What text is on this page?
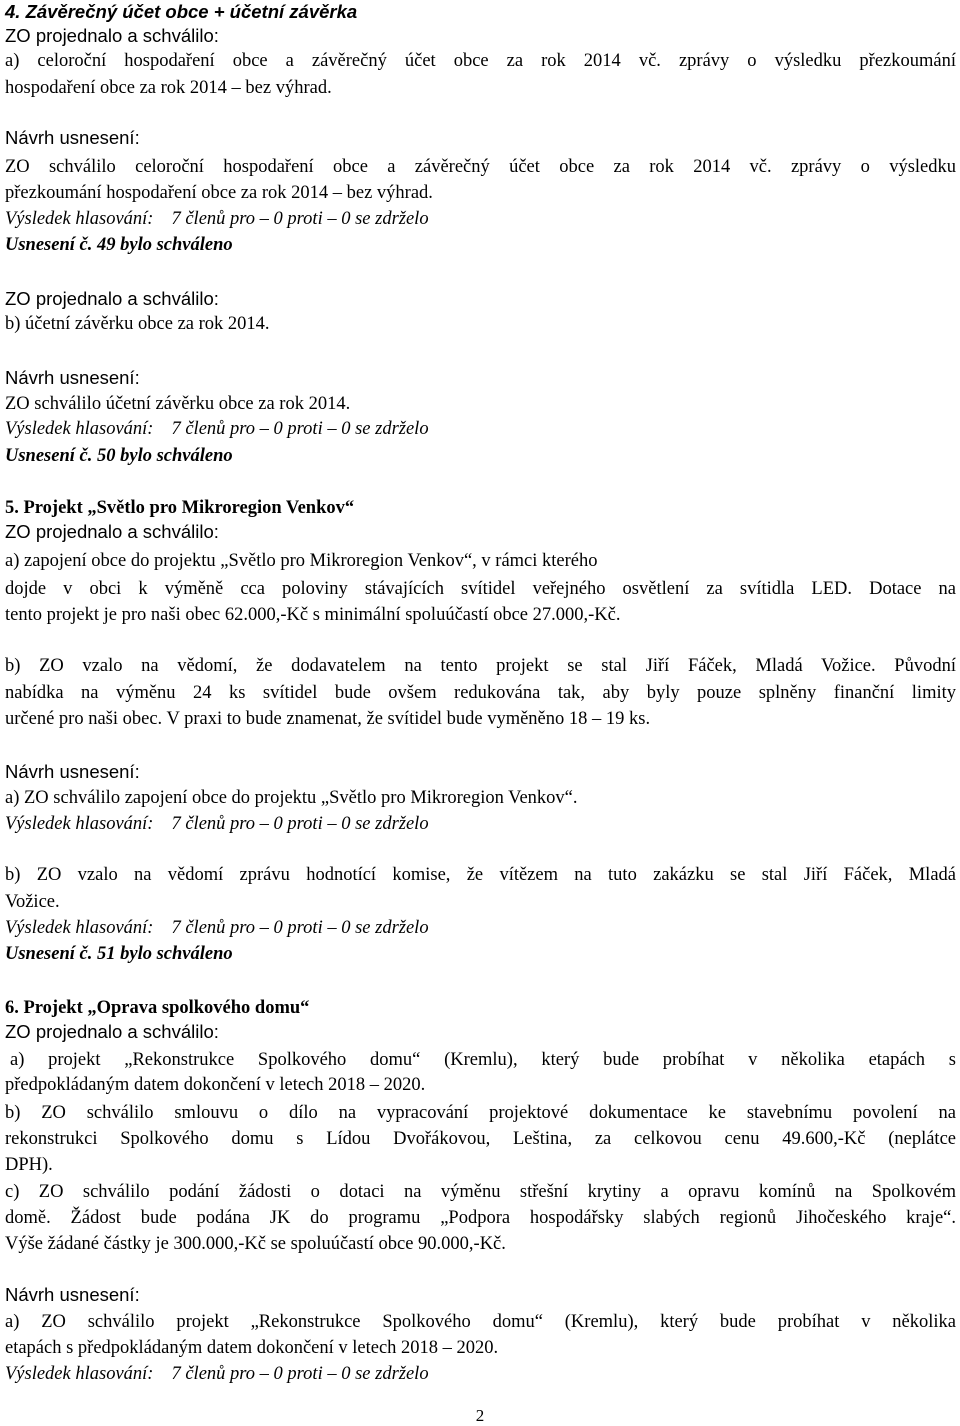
4. Závěrečný účet obce + účetní závěrka
ZO projednalo a schválilo:
a) celoroční hospodaření obce a závěrečný účet obce za rok 2014 vč. zprávy o výsledku přezkoumání
hospodaření obce za rok 2014 – bez výhrad.
Návrh usnesení:
ZO schválilo celoroční hospodaření obce a závěrečný účet obce za rok 2014 vč. zprávy o výsledku
přezkoumání hospodaření obce za rok 2014 – bez výhrad.
Výsledek hlasování: 7 členů pro – 0 proti – 0 se zdrželo
Usnesení č. 49 bylo schváleno
ZO projednalo a schválilo:
b) účetní závěrku obce za rok 2014.
Návrh usnesení:
ZO schválilo účetní závěrku obce za rok 2014.
Výsledek hlasování: 7 členů pro – 0 proti – 0 se zdrželo
Usnesení č. 50 bylo schváleno
5. Projekt „Světlo pro Mikroregion Venkov“
ZO projednalo a schválilo:
a) zapojení obce do projektu „Světlo pro Mikroregion Venkov“, v rámci kterého
dojde v obci k výměně cca poloviny stávajících svítidel veřejného osvětlení za svítidla LED. Dotace na
tento projekt je pro naši obec 62.000,-Kč s minimální spoluúčastí obce 27.000,-Kč.
b) ZO vzalo na vědomí, že dodavatelem na tento projekt se stal Jiří Fáček, Mladá Vožice. Původní
nabídka na výměnu 24 ks svítidel bude ovšem redukována tak, aby byly pouze splněny finanční limity
určené pro naši obec. V praxi to bude znamenat, že svítidel bude vyměněno 18 – 19 ks.
Návrh usnesení:
a) ZO schválilo zapojení obce do projektu „Světlo pro Mikroregion Venkov“.
Výsledek hlasování: 7 členů pro – 0 proti – 0 se zdrželo
b) ZO vzalo na vědomí zprávu hodnotící komise, že vítězem na tuto zakázku se stal Jiří Fáček, Mladá
Vožice.
Výsledek hlasování: 7 členů pro – 0 proti – 0 se zdrželo
Usnesení č. 51 bylo schváleno
6. Projekt „Oprava spolkového domu“
ZO projednalo a schválilo:
a) projekt „Rekonstrukce Spolkového domu“ (Kremlu), který bude probíhat v několika etapách s
předpokládaným datem dokončení v letech 2018 – 2020.
b) ZO schválilo smlouvu o dílo na vypracování projektové dokumentace ke stavebnímu povolení na
rekonstrukci Spolkového domu s Lídou Dvořákovou, Leština, za celkovou cenu 49.600,-Kč (neplátce
DPH).
c) ZO schválilo podání žádosti o dotaci na výměnu střešní krytiny a opravu komínů na Spolkovém
domě. Žádost bude podána JK do programu „Podpora hospodářsky slabých regionů Jihočeského kraje“.
Výše žádané částky je 300.000,-Kč se spoluúčastí obce 90.000,-Kč.
Návrh usnesení:
a) ZO schválilo projekt „Rekonstrukce Spolkového domu“ (Kremlu), který bude probíhat v několika
etapách s předpokládaným datem dokončení v letech 2018 – 2020.
Výsledek hlasování: 7 členů pro – 0 proti – 0 se zdrželo
2
